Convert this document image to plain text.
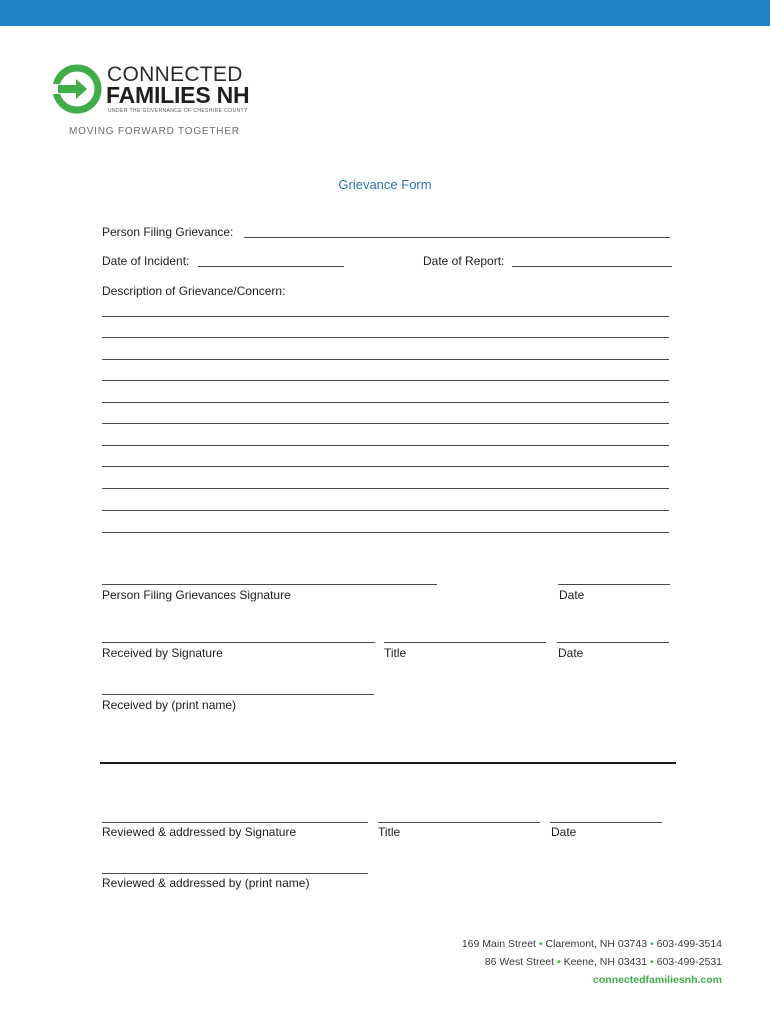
CONNECTED
FAMILIES NH
UNDER THE GOVERNANCE OF CHESHIRE COUNTY
MOVING FORWARD TOGETHER
Grievance Form
Person Filing Grievance:
Date of Incident:	Date of Report:
Description of Grievance/Concern:
Person Filing Grievances Signature	Date
Received by Signature	Title	Date
Received by (print name)
Reviewed & addressed by Signature	Title	Date
Reviewed & addressed by (print name)
169 Main Street • Claremont, NH 03743 • 603-499-3514
86 West Street • Keene, NH 03431 • 603-499-2531
connectedfamiliesnh.com
